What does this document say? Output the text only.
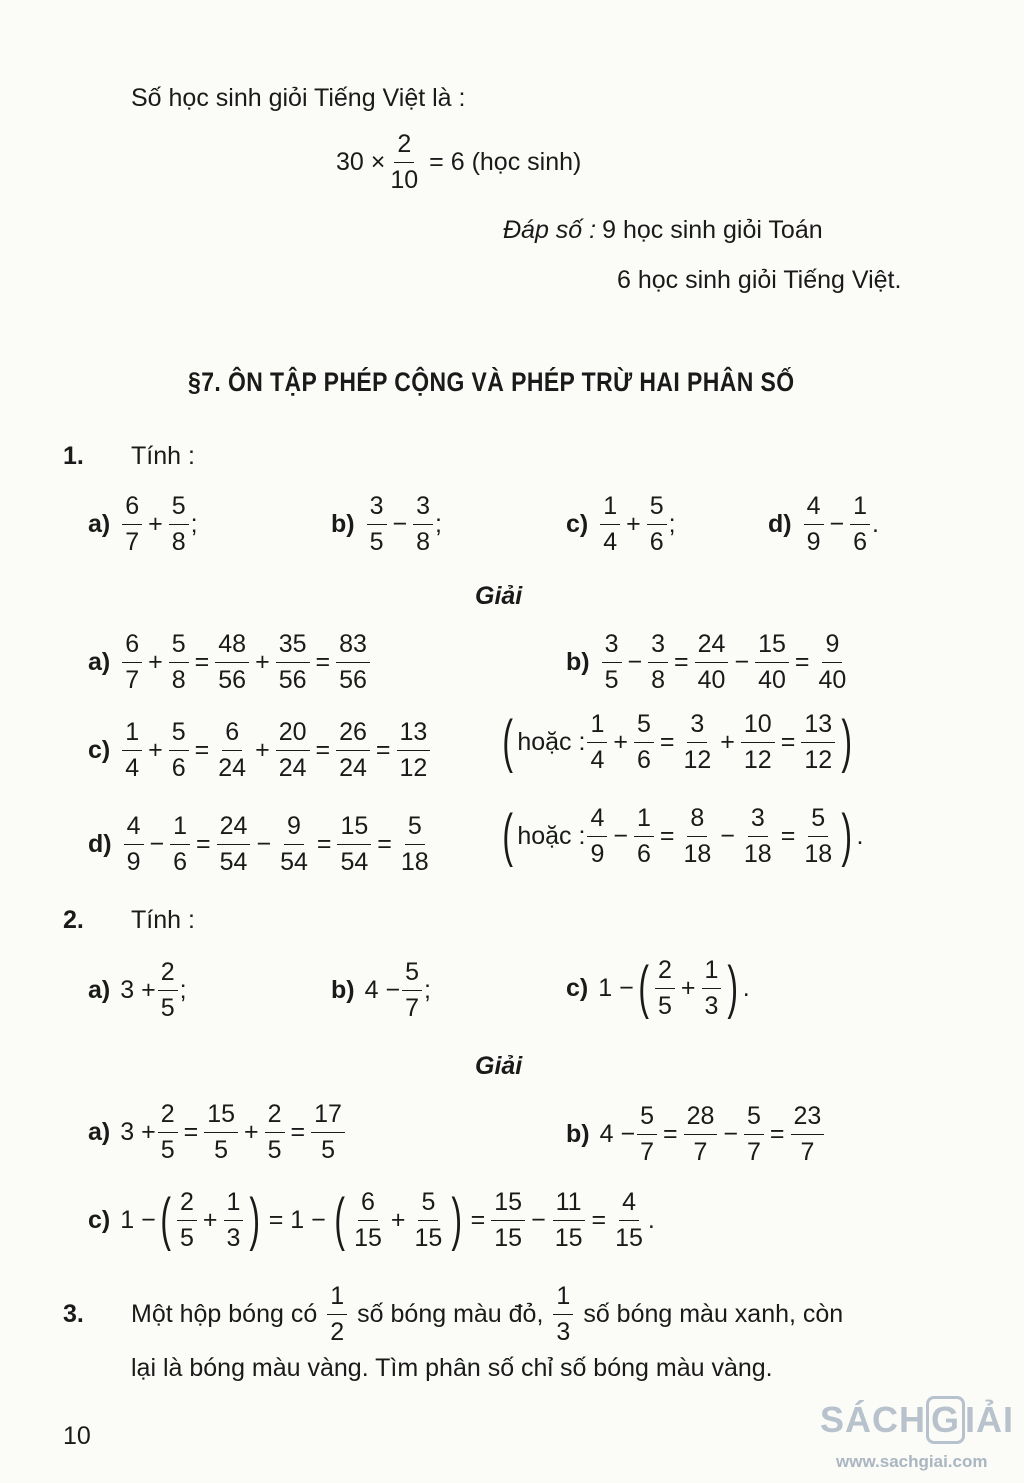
Số học sinh giỏi Tiếng Việt là :
$30 \times \frac{2}{10} = 6$ (học sinh)
Đáp số : 9 học sinh giỏi Toán
6 học sinh giỏi Tiếng Việt.
§7. ÔN TẬP PHÉP CỘNG VÀ PHÉP TRỪ HAI PHÂN SỐ
1. Tính :
$a) \frac{6}{7} + \frac{5}{8}$ ;	$b) \frac{3}{5} - \frac{3}{8}$ ;	$c) \frac{1}{4} + \frac{5}{6}$ ;	$d) \frac{4}{9} - \frac{1}{6}$ .
Giải
$a) \frac{6}{7} + \frac{5}{8} = \frac{48}{56} + \frac{35}{56} = \frac{83}{56}$	$b) \frac{3}{5} - \frac{3}{8} = \frac{24}{40} - \frac{15}{40} = \frac{9}{40}$
$c) \frac{1}{4} + \frac{5}{6} = \frac{6}{24} + \frac{20}{24} = \frac{26}{24} = \frac{13}{12}$ ( hoặc : $\frac{1}{4} + \frac{5}{6} = \frac{3}{12} + \frac{10}{12} = \frac{13}{12}$ )
$d) \frac{4}{9} - \frac{1}{6} = \frac{24}{54} - \frac{9}{54} = \frac{15}{54} = \frac{5}{18}$ ( hoặc : $\frac{4}{9} - \frac{1}{6} = \frac{8}{18} - \frac{3}{18} = \frac{5}{18}$ ) .
2. Tính :
a) $3 + \frac{2}{5}$ ;	b) $4 - \frac{5}{7}$ ;	c) 1 − ( $\frac{2}{5} + \frac{1}{3}$ ) .
Giải
a) $3 + \frac{2}{5} = \frac{15}{5} + \frac{2}{5} = \frac{17}{5}$	b) $4 - \frac{5}{7} = \frac{28}{7} - \frac{5}{7} = \frac{23}{7}$
c) 1 − ( $\frac{2}{5} + \frac{1}{3}$ ) = 1 − ( $\frac{6}{15} + \frac{5}{15}$ ) = $\frac{15}{15} - \frac{11}{15} = \frac{4}{15}$ .
3.	Một hộp bóng có $\frac{1}{2}$ số bóng màu đỏ, $\frac{1}{3}$ số bóng màu xanh, còn
lại là bóng màu vàng. Tìm phân số chỉ số bóng màu vàng.
10	SÁCH G IẢI
www.sachgiai.com
